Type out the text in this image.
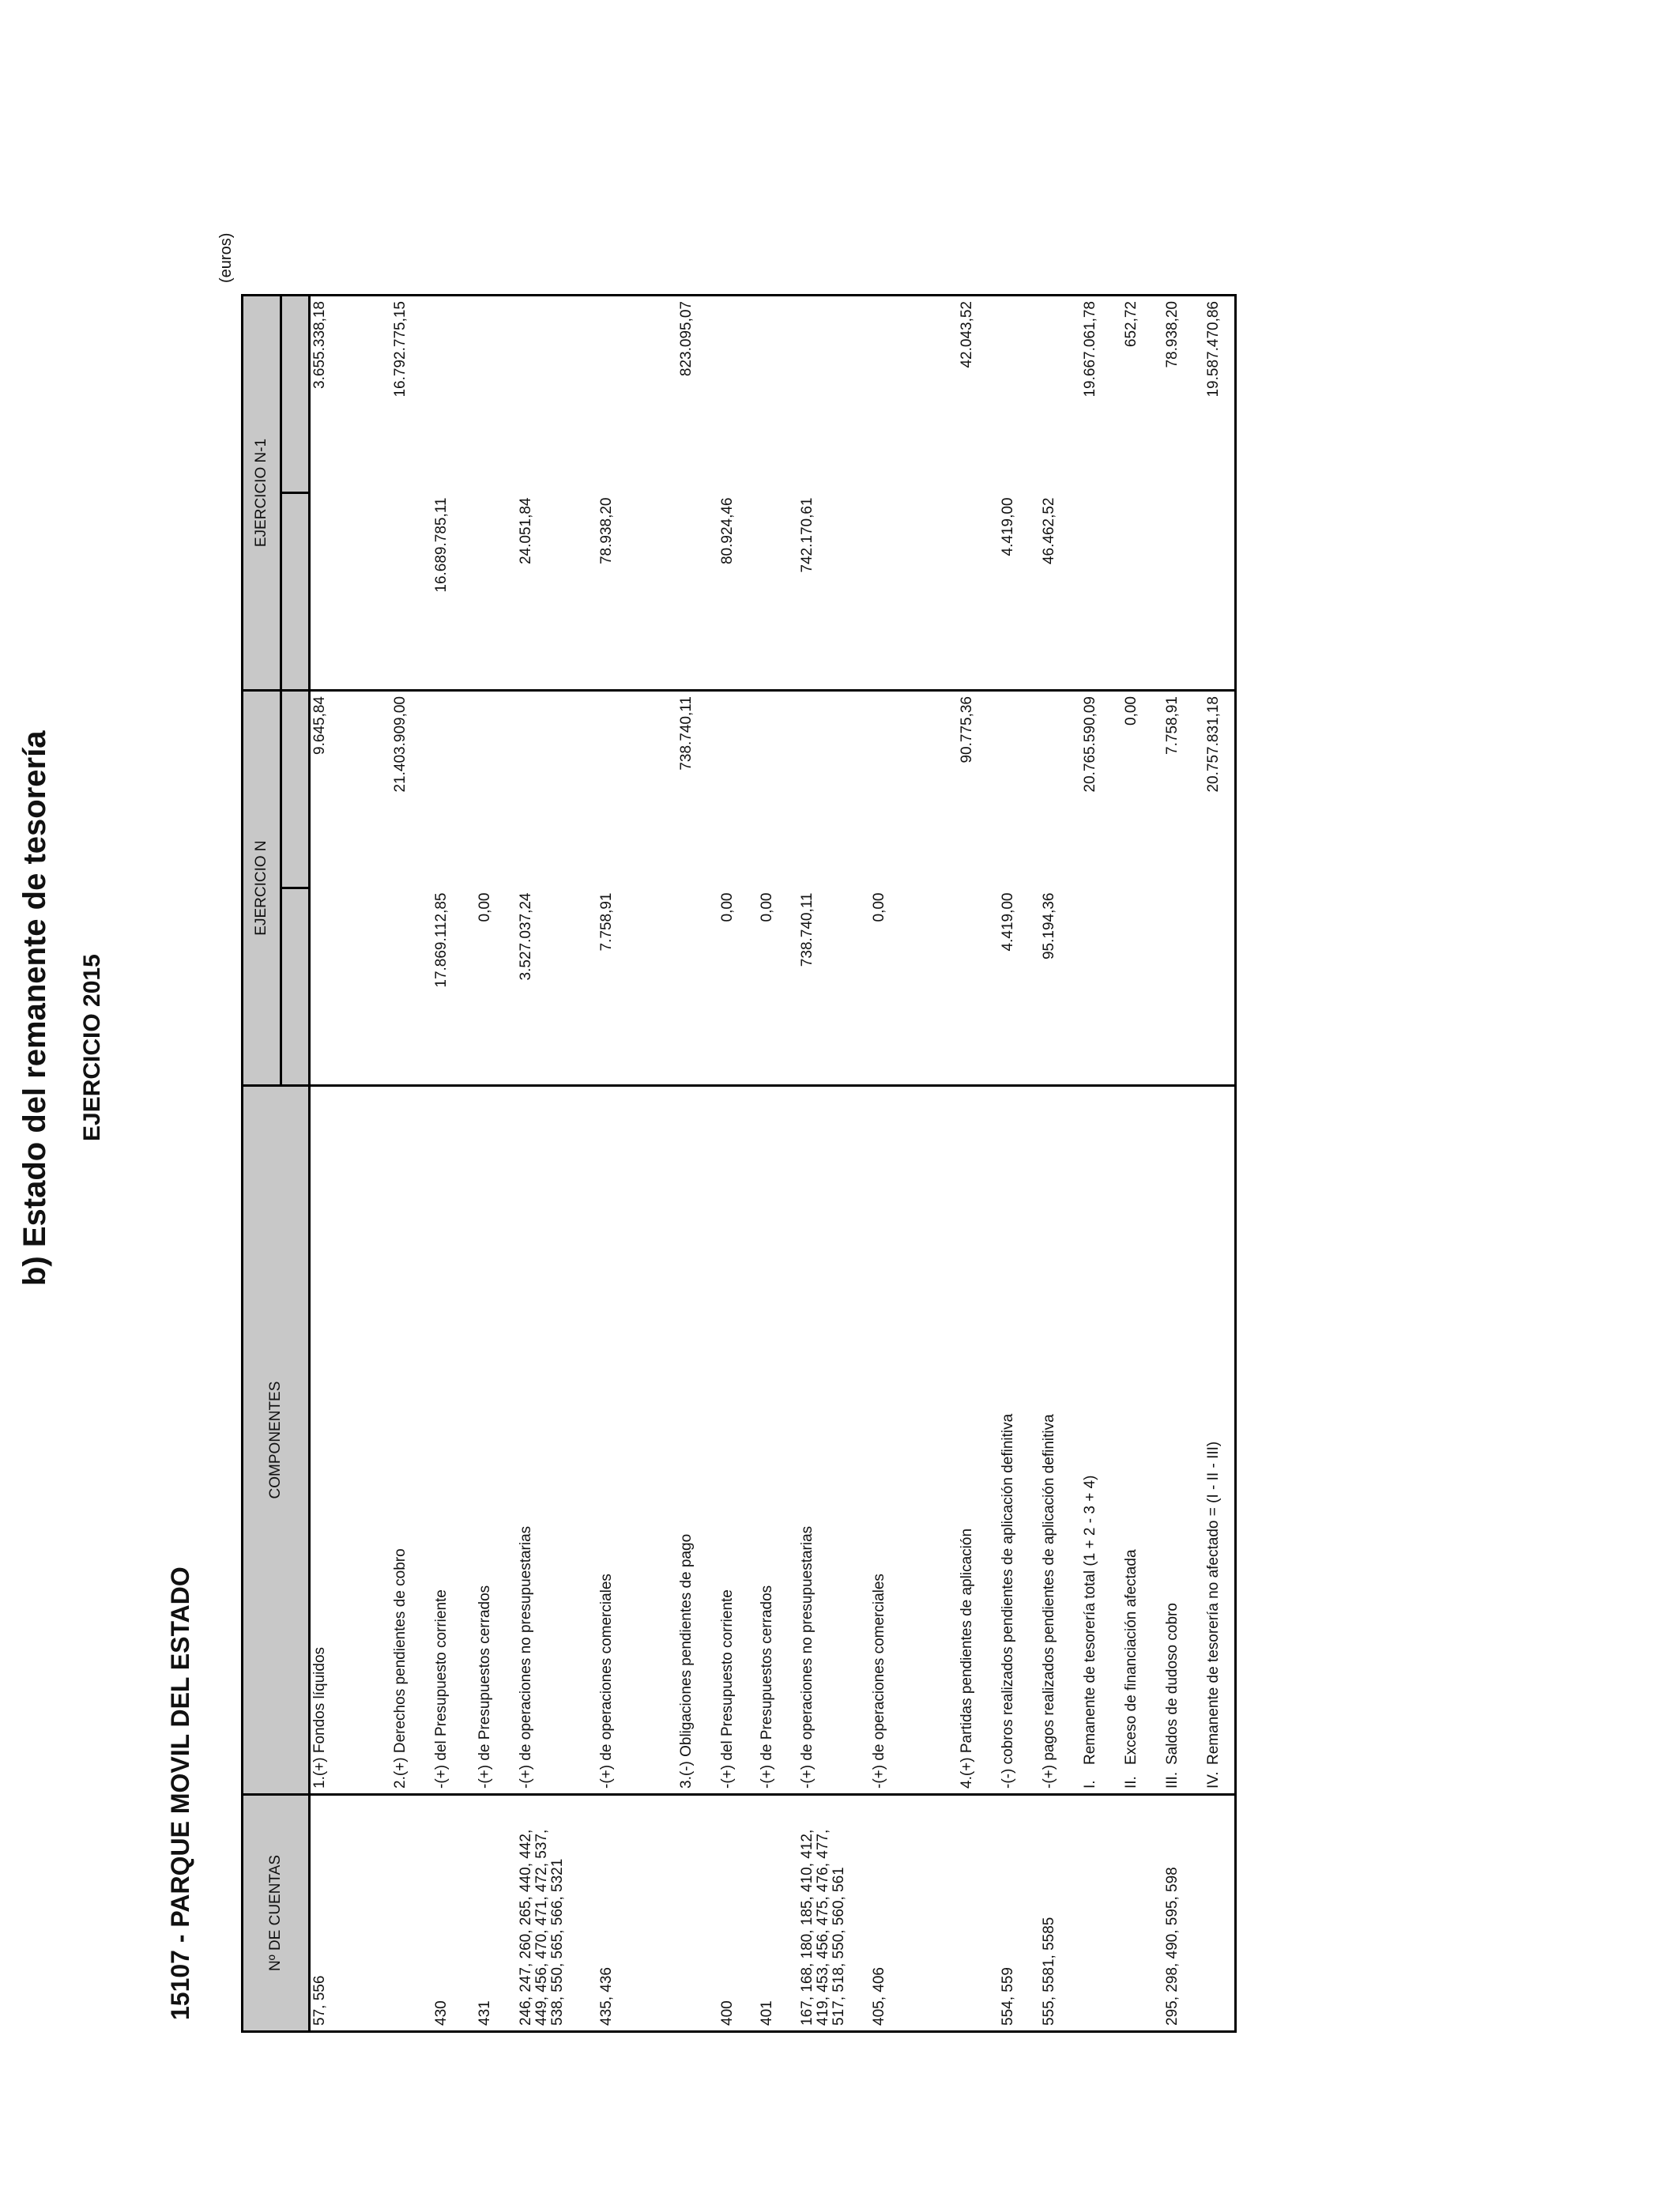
b) Estado del remanente de tesorería EJERCICIO 2015
15107 - PARQUE MOVIL DEL ESTADO
(euros)
Nº DE CUENTAS	COMPONENTES	EJERCICIO N		EJERCICIO N-1	

57, 556	1.(+) Fondos líquidos		9.645,84		3.655.338,18
	2.(+) Derechos pendientes de cobro		21.403.909,00		16.792.775,15
430	-(+) del Presupuesto corriente	17.869.112,85		16.689.785,11	
431	-(+) de Presupuestos cerrados	0,00			
246, 247, 260, 265, 440, 442, 449, 456, 470, 471, 472, 537, 538, 550, 565, 566, 5321	-(+) de operaciones no presupuestarias	3.527.037,24		24.051,84	
435, 436	-(+) de operaciones comerciales	7.758,91		78.938,20	
	3.(-) Obligaciones pendientes de pago		738.740,11		823.095,07
400	-(+) del Presupuesto corriente	0,00		80.924,46	
401	-(+) de Presupuestos cerrados	0,00			
167, 168, 180, 185, 410, 412, 419, 453, 456, 475, 476, 477, 517, 518, 550, 560, 561	-(+) de operaciones no presupuestarias	738.740,11		742.170,61	
405, 406	-(+) de operaciones comerciales	0,00			
	4.(+) Partidas pendientes de aplicación		90.775,36		42.043,52
554, 559	-(-) cobros realizados pendientes de aplicación definitiva	4.419,00		4.419,00	
555, 5581, 5585	-(+) pagos realizados pendientes de aplicación definitiva	95.194,36		46.462,52	
	I.Remanente de tesorería total (1 + 2 - 3 + 4)		20.765.590,09		19.667.061,78
	II.Exceso de financiación afectada		0,00		652,72
295, 298, 490, 595, 598	III.Saldos de dudoso cobro		7.758,91		78.938,20
	IV.Remanente de tesorería no afectado = (I - II - III)		20.757.831,18		19.587.470,86
